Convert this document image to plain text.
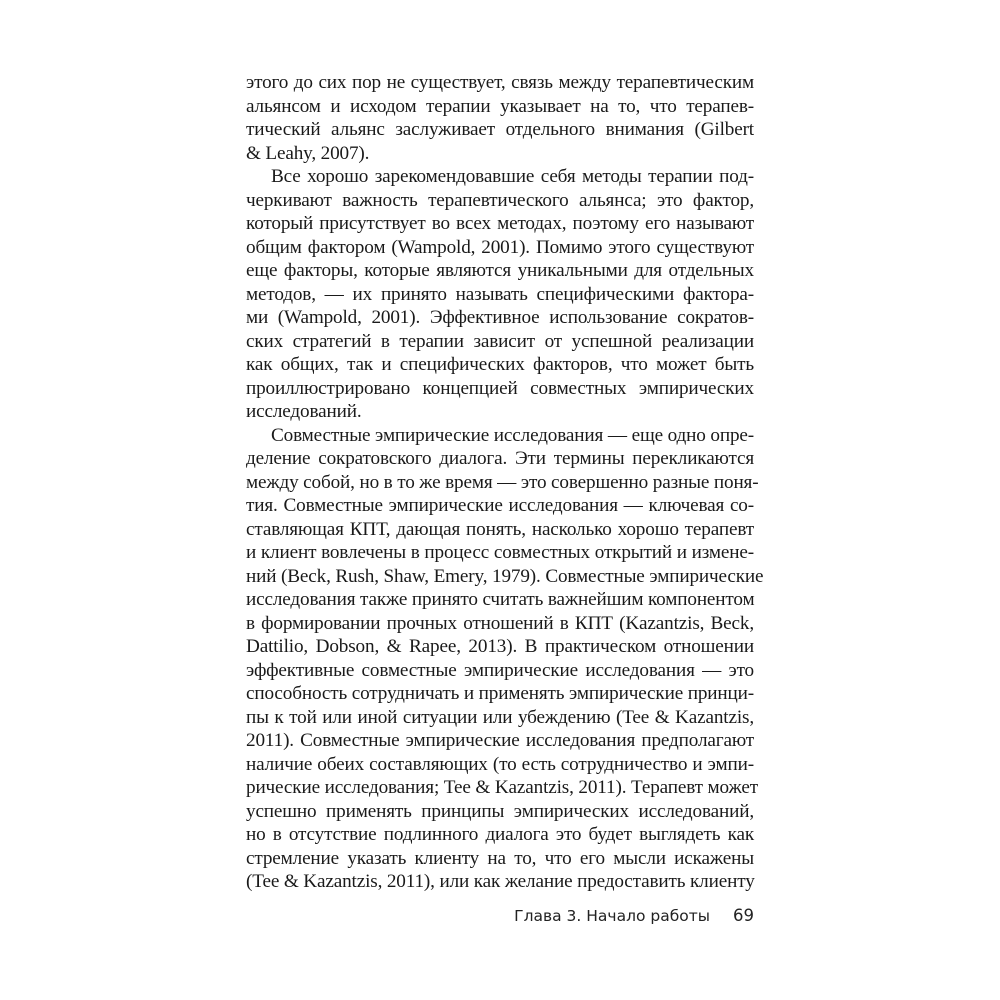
этого до сих пор не существует, связь между терапевтическим
альянсом и исходом терапии указывает на то, что терапев-
тический альянс заслуживает отдельного внимания (Gilbert
& Leahy, 2007).
Все хорошо зарекомендовавшие себя методы терапии под-
черкивают важность терапевтического альянса; это фактор,
который присутствует во всех методах, поэтому его называют
общим фактором (Wampold, 2001). Помимо этого существуют
еще факторы, которые являются уникальными для отдельных
методов, — их принято называть специфическими фактора-
ми (Wampold, 2001). Эффективное использование сократов-
ских стратегий в терапии зависит от успешной реализации
как общих, так и специфических факторов, что может быть
проиллюстрировано концепцией совместных эмпирических
исследований.
Совместные эмпирические исследования — еще одно опре-
деление сократовского диалога. Эти термины перекликаются
между собой, но в то же время — это совершенно разные поня-
тия. Совместные эмпирические исследования — ключевая со-
ставляющая КПТ, дающая понять, насколько хорошо терапевт
и клиент вовлечены в процесс совместных открытий и измене-
ний (Beck, Rush, Shaw, Emery, 1979). Совместные эмпирические
исследования также принято считать важнейшим компонентом
в формировании прочных отношений в КПТ (Kazantzis, Beck,
Dattilio, Dobson, & Rapee, 2013). В практическом отношении
эффективные совместные эмпирические исследования — это
способность сотрудничать и применять эмпирические принци-
пы к той или иной ситуации или убеждению (Tee & Kazantzis,
2011). Совместные эмпирические исследования предполагают
наличие обеих составляющих (то есть сотрудничество и эмпи-
рические исследования; Tee & Kazantzis, 2011). Терапевт может
успешно применять принципы эмпирических исследований,
но в отсутствие подлинного диалога это будет выглядеть как
стремление указать клиенту на то, что его мысли искажены
(Tee & Kazantzis, 2011), или как желание предоставить клиенту
Глава 3. Начало работы 69
